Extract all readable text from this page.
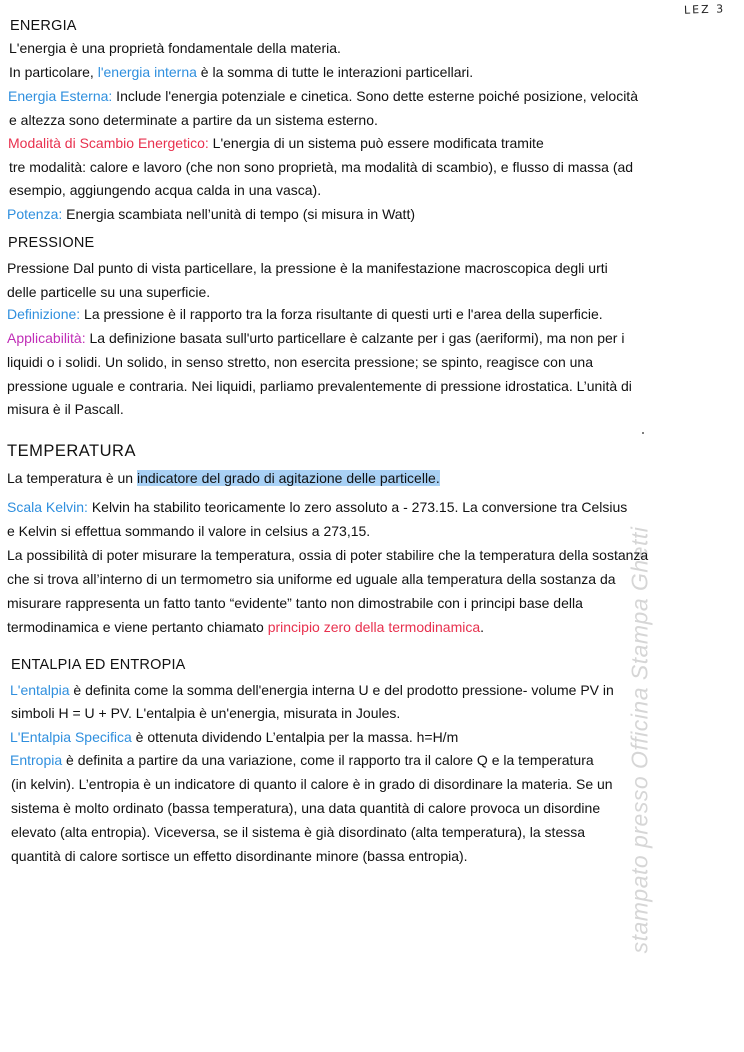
LEZ 3
stampato presso Officina Stampa Ghetti
ENERGIA
L'energia è una proprietà fondamentale della materia.
In particolare, l'energia interna è la somma di tutte le interazioni particellari.
Energia Esterna: Include l'energia potenziale e cinetica. Sono dette esterne poiché posizione, velocità
e altezza sono determinate a partire da un sistema esterno.
Modalità di Scambio Energetico: L'energia di un sistema può essere modificata tramite
tre modalità: calore e lavoro (che non sono proprietà, ma modalità di scambio), e flusso di massa (ad
esempio, aggiungendo acqua calda in una vasca).
Potenza: Energia scambiata nell’unità di tempo (si misura in Watt)
PRESSIONE
Pressione Dal punto di vista particellare, la pressione è la manifestazione macroscopica degli urti
delle particelle su una superficie.
Definizione: La pressione è il rapporto tra la forza risultante di questi urti e l'area della superficie.
Applicabilità: La definizione basata sull'urto particellare è calzante per i gas (aeriformi), ma non per i
liquidi o i solidi. Un solido, in senso stretto, non esercita pressione; se spinto, reagisce con una
pressione uguale e contraria. Nei liquidi, parliamo prevalentemente di pressione idrostatica. L’unità di
misura è il Pascall.
TEMPERATURA
La temperatura è un indicatore del grado di agitazione delle particelle.
Scala Kelvin: Kelvin ha stabilito teoricamente lo zero assoluto a - 273.15. La conversione tra Celsius
e Kelvin si effettua sommando il valore in celsius a 273,15.
La possibilità di poter misurare la temperatura, ossia di poter stabilire che la temperatura della sostanza
che si trova all’interno di un termometro sia uniforme ed uguale alla temperatura della sostanza da
misurare rappresenta un fatto tanto “evidente” tanto non dimostrabile con i principi base della
termodinamica e viene pertanto chiamato principio zero della termodinamica.
ENTALPIA ED ENTROPIA
L'entalpia è definita come la somma dell'energia interna U e del prodotto pressione- volume PV in
simboli H = U + PV. L'entalpia è un'energia, misurata in Joules.
L'Entalpia Specifica è ottenuta dividendo L’entalpia per la massa. h=H/m
Entropia è definita a partire da una variazione, come il rapporto tra il calore Q e la temperatura
(in kelvin). L’entropia è un indicatore di quanto il calore è in grado di disordinare la materia. Se un
sistema è molto ordinato (bassa temperatura), una data quantità di calore provoca un disordine
elevato (alta entropia). Viceversa, se il sistema è già disordinato (alta temperatura), la stessa
quantità di calore sortisce un effetto disordinante minore (bassa entropia).
